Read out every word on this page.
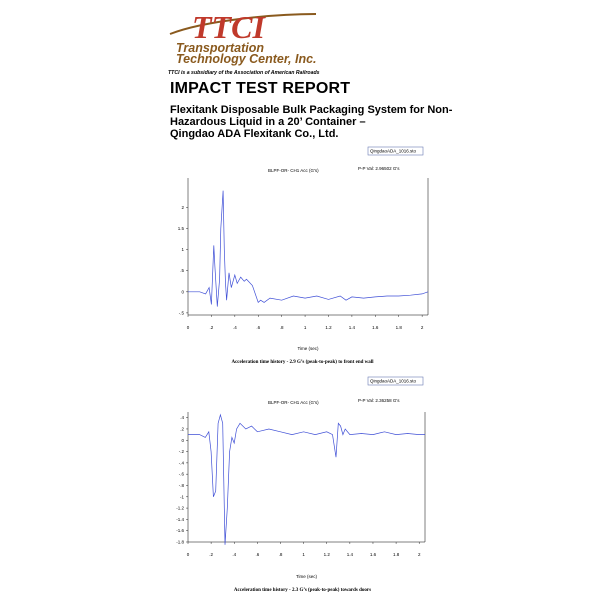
TTCI
Transportation
Technology Center, Inc.
TTCI is a subsidiary of the Association of American Railroads
IMPACT TEST REPORT
Flexitank Disposable Bulk Packaging System for Non-
Hazardous Liquid in a 20’ Container –
Qingdao ADA Flexitank Co., Ltd.
QingdaoADA_1016.sto
BLPF-OR- CH1 Acc (G's)	P-P Val: 2.96502 G's
2
1.5
1
.5
0
-.5
0	.2	.4	.6	.8	1	1.2	1.4	1.6	1.8	2
Time (sec)
Acceleration time history - 2.9 G’s (peak-to-peak) to front end wall
QingdaoADA_1016.sto
BLPF-OR- CH1 Acc (G's)	P-P Val: 2.36258 G's
.4
.2
0
-.2
-.4
-.6
-.8
-1
-1.2
-1.4
-1.6
-1.8
0	.2	.4	.6	.8	1	1.2	1.4	1.6	1.8	2
Time (sec)
Acceleration time history - 2.3 G’s (peak-to-peak) towards doors
